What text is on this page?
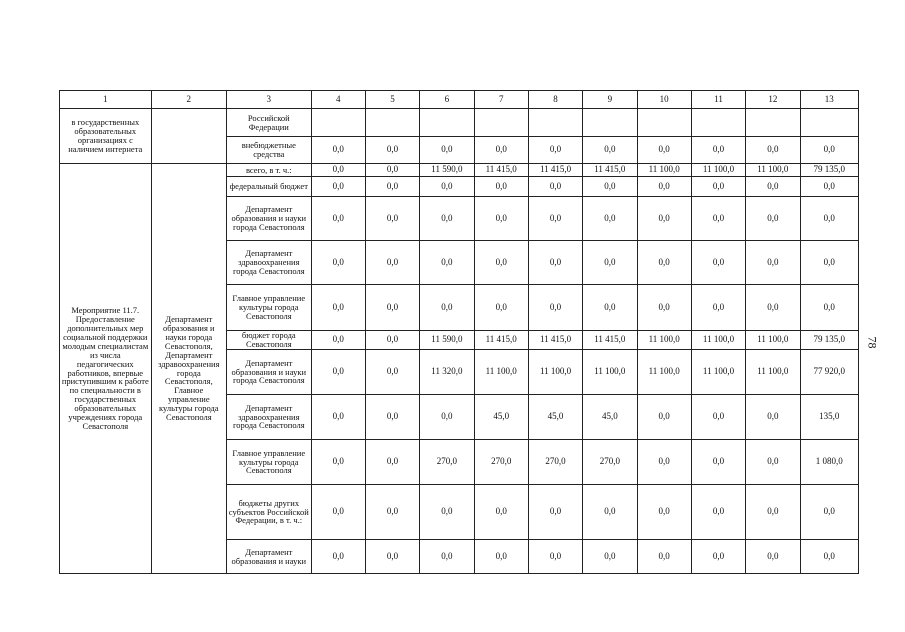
1	2	3	4	5	6	7	8	9	10	11	12	13
в государственных образовательных организациях с наличием интернета		Российской Федерации										
		внебюджетные средства	0,0	0,0	0,0	0,0	0,0	0,0	0,0	0,0	0,0	0,0
Мероприятие 11.7. Предоставление дополнительных мер социальной поддержки молодым специалистам из числа педагогических работников, впервые приступившим к работе по специальности в государственных образовательных учреждениях города Севастополя	Департамент образования и науки города Севастополя, Департамент здравоохранения города Севастополя, Главное управление культуры города Севастополя	всего, в т. ч.:	0,0	0,0	11 590,0	11 415,0	11 415,0	11 415,0	11 100,0	11 100,0	11 100,0	79 135,0
		федеральный бюджет	0,0	0,0	0,0	0,0	0,0	0,0	0,0	0,0	0,0	0,0
		Департамент образования и науки города Севастополя	0,0	0,0	0,0	0,0	0,0	0,0	0,0	0,0	0,0	0,0
		Департамент здравоохранения города Севастополя	0,0	0,0	0,0	0,0	0,0	0,0	0,0	0,0	0,0	0,0
		Главное управление культуры города Севастополя	0,0	0,0	0,0	0,0	0,0	0,0	0,0	0,0	0,0	0,0
		бюджет города Севастополя	0,0	0,0	11 590,0	11 415,0	11 415,0	11 415,0	11 100,0	11 100,0	11 100,0	79 135,0
		Департамент образования и науки города Севастополя	0,0	0,0	11 320,0	11 100,0	11 100,0	11 100,0	11 100,0	11 100,0	11 100,0	77 920,0
		Департамент здравоохранения города Севастополя	0,0	0,0	0,0	45,0	45,0	45,0	0,0	0,0	0,0	135,0
		Главное управление культуры города Севастополя	0,0	0,0	270,0	270,0	270,0	270,0	0,0	0,0	0,0	1 080,0
		бюджеты других субъектов Российской Федерации, в т. ч.:	0,0	0,0	0,0	0,0	0,0	0,0	0,0	0,0	0,0	0,0
		Департамент образования и науки	0,0	0,0	0,0	0,0	0,0	0,0	0,0	0,0	0,0	0,0
78
